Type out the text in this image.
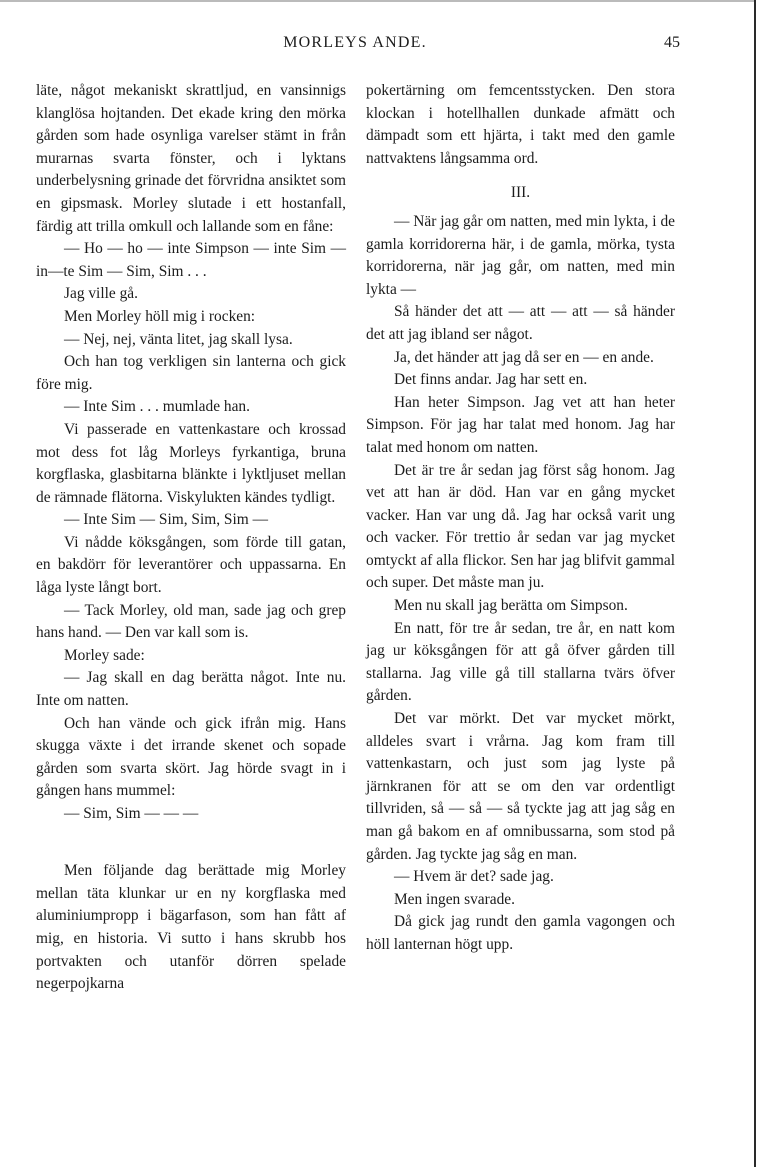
MORLEYS ANDE.	45

läte, något mekaniskt skrattljud, en vansinnigs klanglösa hojtanden. Det ekade kring den mörka gården som hade osynliga varelser stämt in från murarnas svarta fönster, och i lyktans underbelysning grinade det förvridna ansiktet som en gipsmask. Morley slutade i ett hostanfall, färdig att trilla omkull och lallande som en fåne:

— Ho — ho — inte Simpson — inte Sim — in—te Sim — Sim, Sim . . .

Jag ville gå.

Men Morley höll mig i rocken:

— Nej, nej, vänta litet, jag skall lysa.

Och han tog verkligen sin lanterna och gick före mig.

— Inte Sim . . . mumlade han.

Vi passerade en vattenkastare och krossad mot dess fot låg Morleys fyrkantiga, bruna korgflaska, glasbitarna blänkte i lyktljuset mellan de rämnade flätorna. Viskylukten kändes tydligt.

— Inte Sim — Sim, Sim, Sim —

Vi nådde köksgången, som förde till gatan, en bakdörr för leverantörer och uppassarna. En låga lyste långt bort.

— Tack Morley, old man, sade jag och grep hans hand. — Den var kall som is.

Morley sade:

— Jag skall en dag berätta något. Inte nu. Inte om natten.

Och han vände och gick ifrån mig. Hans skugga växte i det irrande skenet och sopade gården som svarta skört. Jag hörde svagt in i gången hans mummel:

— Sim, Sim — — —

Men följande dag berättade mig Morley mellan täta klunkar ur en ny korgflaska med aluminiumpropp i bägarfason, som han fått af mig, en historia. Vi sutto i hans skrubb hos portvakten och utanför dörren spelade negerpojkarna

pokertärning om femcentsstycken. Den stora klockan i hotellhallen dunkade afmätt och dämpadt som ett hjärta, i takt med den gamle nattvaktens långsamma ord.

III.

— När jag går om natten, med min lykta, i de gamla korridorerna här, i de gamla, mörka, tysta korridorerna, när jag går, om natten, med min lykta —

Så händer det att — att — att — så händer det att jag ibland ser något.

Ja, det händer att jag då ser en — en ande.

Det finns andar. Jag har sett en.

Han heter Simpson. Jag vet att han heter Simpson. För jag har talat med honom. Jag har talat med honom om natten.

Det är tre år sedan jag först såg honom. Jag vet att han är död. Han var en gång mycket vacker. Han var ung då. Jag har också varit ung och vacker. För trettio år sedan var jag mycket omtyckt af alla flickor. Sen har jag blifvit gammal och super. Det måste man ju.

Men nu skall jag berätta om Simpson.

En natt, för tre år sedan, tre år, en natt kom jag ur köksgången för att gå öfver gården till stallarna. Jag ville gå till stallarna tvärs öfver gården.

Det var mörkt. Det var mycket mörkt, alldeles svart i vrårna. Jag kom fram till vattenkastarn, och just som jag lyste på järnkranen för att se om den var ordentligt tillvriden, så — så — så tyckte jag att jag såg en man gå bakom en af omnibussarna, som stod på gården. Jag tyckte jag såg en man.

— Hvem är det? sade jag.

Men ingen svarade.

Då gick jag rundt den gamla vagongen och höll lanternan högt upp.
